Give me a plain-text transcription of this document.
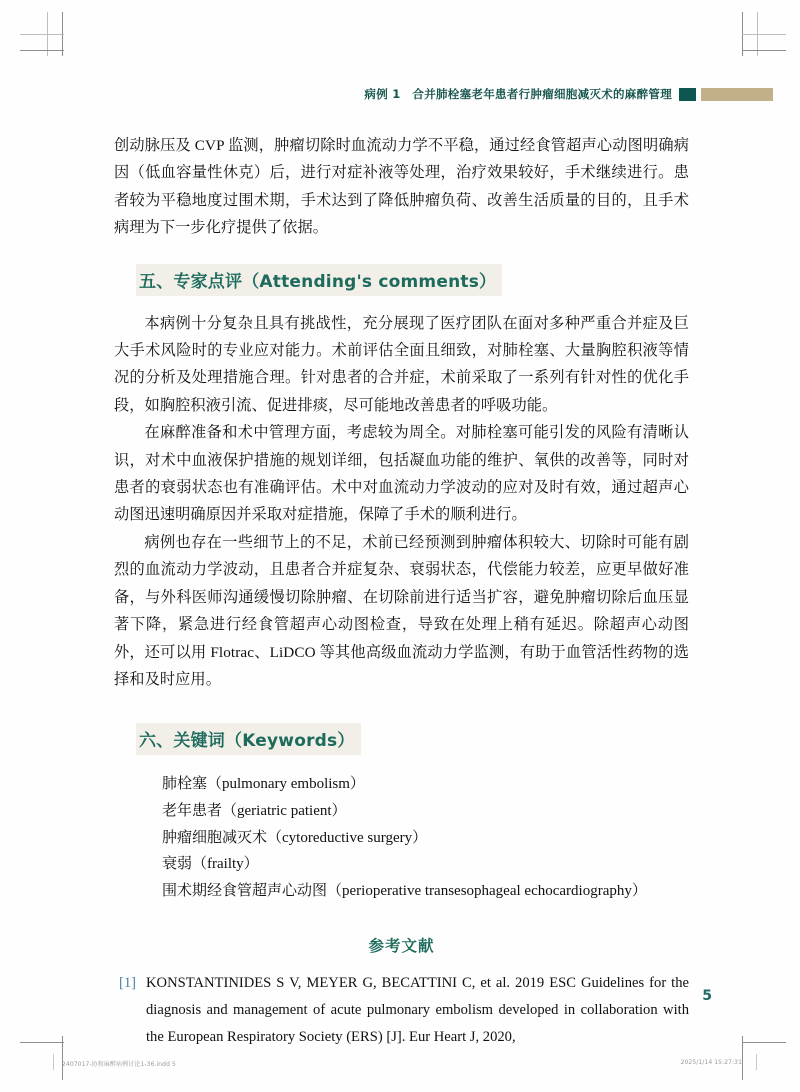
病例 1　合并肺栓塞老年患者行肿瘤细胞减灭术的麻醉管理

创动脉压及 CVP 监测，肿瘤切除时血流动力学不平稳，通过经食管超声心动图明确病因（低血容量性休克）后，进行对症补液等处理，治疗效果较好，手术继续进行。患者较为平稳地度过围术期，手术达到了降低肿瘤负荷、改善生活质量的目的，且手术病理为下一步化疗提供了依据。

五、专家点评（Attending's comments）

本病例十分复杂且具有挑战性，充分展现了医疗团队在面对多种严重合并症及巨大手术风险时的专业应对能力。术前评估全面且细致，对肺栓塞、大量胸腔积液等情况的分析及处理措施合理。针对患者的合并症，术前采取了一系列有针对性的优化手段，如胸腔积液引流、促进排痰，尽可能地改善患者的呼吸功能。

在麻醉准备和术中管理方面，考虑较为周全。对肺栓塞可能引发的风险有清晰认识，对术中血液保护措施的规划详细，包括凝血功能的维护、氧供的改善等，同时对患者的衰弱状态也有准确评估。术中对血流动力学波动的应对及时有效，通过超声心动图迅速明确原因并采取对症措施，保障了手术的顺利进行。

病例也存在一些细节上的不足，术前已经预测到肿瘤体积较大、切除时可能有剧烈的血流动力学波动，且患者合并症复杂、衰弱状态，代偿能力较差，应更早做好准备，与外科医师沟通缓慢切除肿瘤、在切除前进行适当扩容，避免肿瘤切除后血压显著下降，紧急进行经食管超声心动图检查，导致在处理上稍有延迟。除超声心动图外，还可以用 Flotrac、LiDCO 等其他高级血流动力学监测，有助于血管活性药物的选择和及时应用。

六、关键词（Keywords）
肺栓塞（pulmonary embolism）
老年患者（geriatric patient）
肿瘤细胞减灭术（cytoreductive surgery）
衰弱（frailty）
围术期经食管超声心动图（perioperative transesophageal echocardiography）
参考文献
[1] KONSTANTINIDES S V, MEYER G, BECATTINI C, et al. 2019 ESC Guidelines for the diagnosis and management of acute pulmonary embolism developed in collaboration with the European Respiratory Society (ERS) [J]. Eur Heart J, 2020,
5
2407017-协和麻醉病例讨论1-36.indd 5	2025/1/14 15:27:31
